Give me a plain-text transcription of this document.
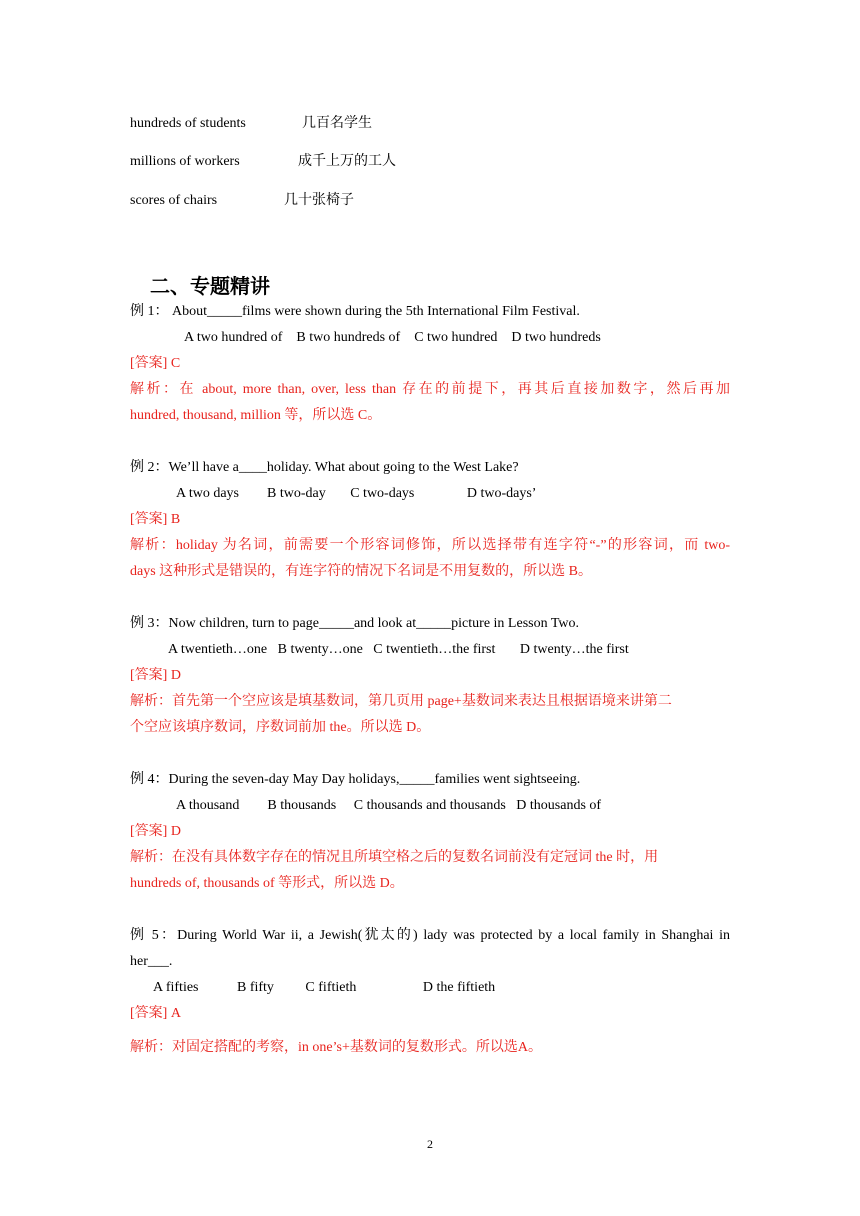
hundreds of students	几百名学生
millions of workers	成千上万的工人
scores of chairs	几十张椅子
二、专题精讲
例 1： About_____films were shown during the 5th International Film Festival.
A two hundred of    B two hundreds of    C two hundred    D two hundreds
[答案] C
解析：在 about, more than, over, less than 存在的前提下，再其后直接加数字，然后再加
hundred, thousand, million 等，所以选 C。
例 2：We’ll have a____holiday. What about going to the West Lake?
A two days        B two-day       C two-days               D two-days’
[答案] B
解析：holiday 为名词，前需要一个形容词修饰，所以选择带有连字符“-”的形容词，而 two-
days 这种形式是错误的，有连字符的情况下名词是不用复数的，所以选 B。
例 3：Now children, turn to page_____and look at_____picture in Lesson Two.
A twentieth…one   B twenty…one   C twentieth…the first       D twenty…the first
[答案] D
解析：首先第一个空应该是填基数词，第几页用 page+基数词来表达且根据语境来讲第二
个空应该填序数词，序数词前加 the。所以选 D。
例 4：During the seven-day May Day holidays,_____families went sightseeing.
A thousand        B thousands     C thousands and thousands   D thousands of
[答案] D
解析：在没有具体数字存在的情况且所填空格之后的复数名词前没有定冠词 the 时，用
hundreds of, thousands of 等形式，所以选 D。
例 5：During World War ii, a Jewish(犹太的) lady was protected by a local family in Shanghai in
her___.
A fifties           B fifty         C fiftieth                   D the fiftieth
[答案] A
解析：对固定搭配的考察，in one’s+基数词的复数形式。所以选A。
2
